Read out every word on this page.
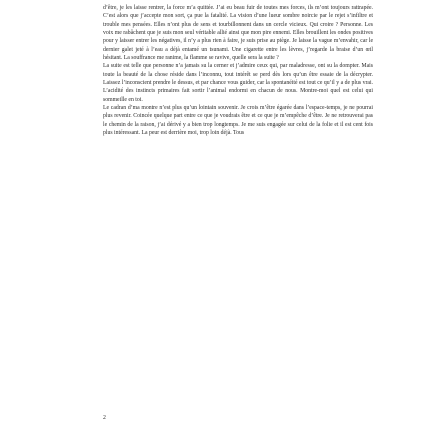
d’être, je les laisse rentrer, la force m’a quittée. J’ai eu beau fuir de toutes mes forces, ils m’ont toujours rattrapée. C’est alors que j’accepte mon sort, ça pue la fatalité. La vision d’une lueur sombre noircie par le rejet s’infiltre et trouble mes pensées. Elles n’ont plus de sens et tourbillonnent dans un cercle vicieux. Qui croire ? Personne. Les voix me rabâchent que je suis mon seul véritable allié ainsi que mon pire ennemi. Elles brouillent les ondes positives pour y laisser entrer les négatives, il n’y a plus rien à faire, je suis prise au piège. Je laisse la vague m’envahir, car le dernier galet jeté à l’eau a déjà entamé un tsunami. Une cigarette entre les lèvres, j’regarde la braise d’un œil hésitant. La souffrance me ranime, la flamme se ravive, quelle sera la suite ?

La suite est telle que personne n’a jamais su la cerner et j’admire ceux qui, par maladresse, ont su la dompter. Mais toute la beauté de la chose réside dans l’inconnu, tout intérêt se perd dès lors qu’un être essaie de la décrypter. Laissez l’inconscient prendre le dessus, et par chance vous guider, car la spontanéité est tout ce qu’il y a de plus vrai. L’acidité des instincts primaires fait sortir l’animal endormi en chacun de nous. Montre-moi quel est celui qui sommeille en toi.

Le cadran d’ma montre n’est plus qu’un lointain souvenir. Je crois m’être égarée dans l’espace-temps, je ne pourrai plus revenir. Coincée quelque part entre ce que je voudrais être et ce que je m’empêche d’être. Je ne retrouverai pas le chemin de la raison, j’ai dérivé y a bien trop longtemps. Je me suis engagée sur celui de la folie et il est cent fois plus intéressant. La peur est derrière moi, trop loin déjà. Tous

2
